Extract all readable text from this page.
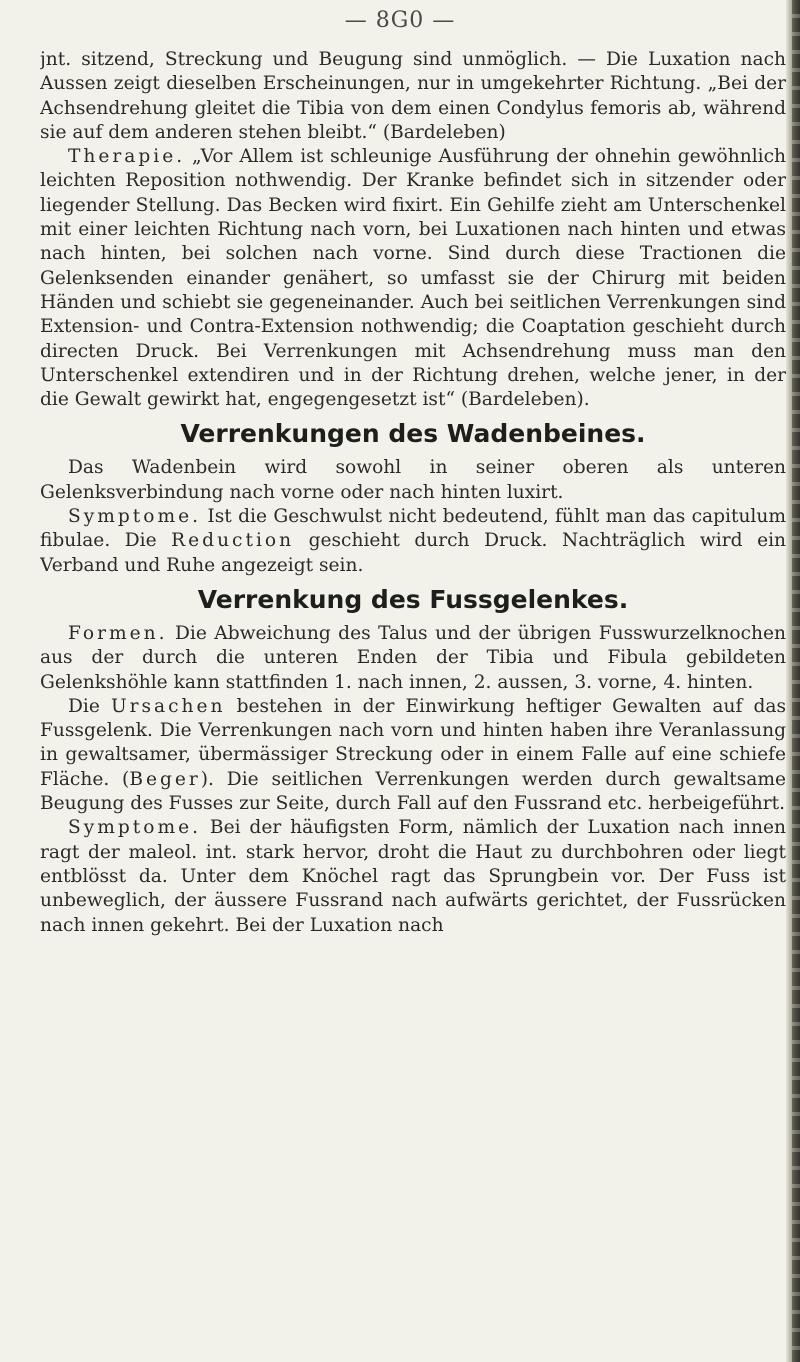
— 8G0 —

jnt. sitzend, Streckung und Beugung sind unmöglich. — Die Luxation nach Aussen zeigt dieselben Erscheinungen, nur in umgekehrter Richtung. „Bei der Achsendrehung gleitet die Tibia von dem einen Condylus femoris ab, während sie auf dem anderen stehen bleibt.“ (Bardeleben)

Therapie. „Vor Allem ist schleunige Ausführung der ohnehin gewöhnlich leichten Reposition nothwendig. Der Kranke befindet sich in sitzender oder liegender Stellung. Das Becken wird fixirt. Ein Gehilfe zieht am Unterschenkel mit einer leichten Richtung nach vorn, bei Luxationen nach hinten und etwas nach hinten, bei solchen nach vorne. Sind durch diese Tractionen die Gelenksenden einander genähert, so umfasst sie der Chirurg mit beiden Händen und schiebt sie gegeneinander. Auch bei seitlichen Verrenkungen sind Extension- und Contra-Extension nothwendig; die Coaptation geschieht durch directen Druck. Bei Verrenkungen mit Achsendrehung muss man den Unterschenkel extendiren und in der Richtung drehen, welche jener, in der die Gewalt gewirkt hat, engegengesetzt ist“ (Bardeleben).

Verrenkungen des Wadenbeines.

Das Wadenbein wird sowohl in seiner oberen als unteren Gelenksverbindung nach vorne oder nach hinten luxirt.

Symptome. Ist die Geschwulst nicht bedeutend, fühlt man das capitulum fibulae. Die Reduction geschieht durch Druck. Nachträglich wird ein Verband und Ruhe angezeigt sein.

Verrenkung des Fussgelenkes.

Formen. Die Abweichung des Talus und der übrigen Fusswurzelknochen aus der durch die unteren Enden der Tibia und Fibula gebildeten Gelenkshöhle kann stattfinden 1. nach innen, 2. aussen, 3. vorne, 4. hinten.

Die Ursachen bestehen in der Einwirkung heftiger Gewalten auf das Fussgelenk. Die Verrenkungen nach vorn und hinten haben ihre Veranlassung in gewaltsamer, übermässiger Streckung oder in einem Falle auf eine schiefe Fläche. (Beger). Die seitlichen Verrenkungen werden durch gewaltsame Beugung des Fusses zur Seite, durch Fall auf den Fussrand etc. herbeigeführt.

Symptome. Bei der häufigsten Form, nämlich der Luxation nach innen ragt der maleol. int. stark hervor, droht die Haut zu durchbohren oder liegt entblösst da. Unter dem Knöchel ragt das Sprungbein vor. Der Fuss ist unbeweglich, der äussere Fussrand nach aufwärts gerichtet, der Fussrücken nach innen gekehrt. Bei der Luxation nach
